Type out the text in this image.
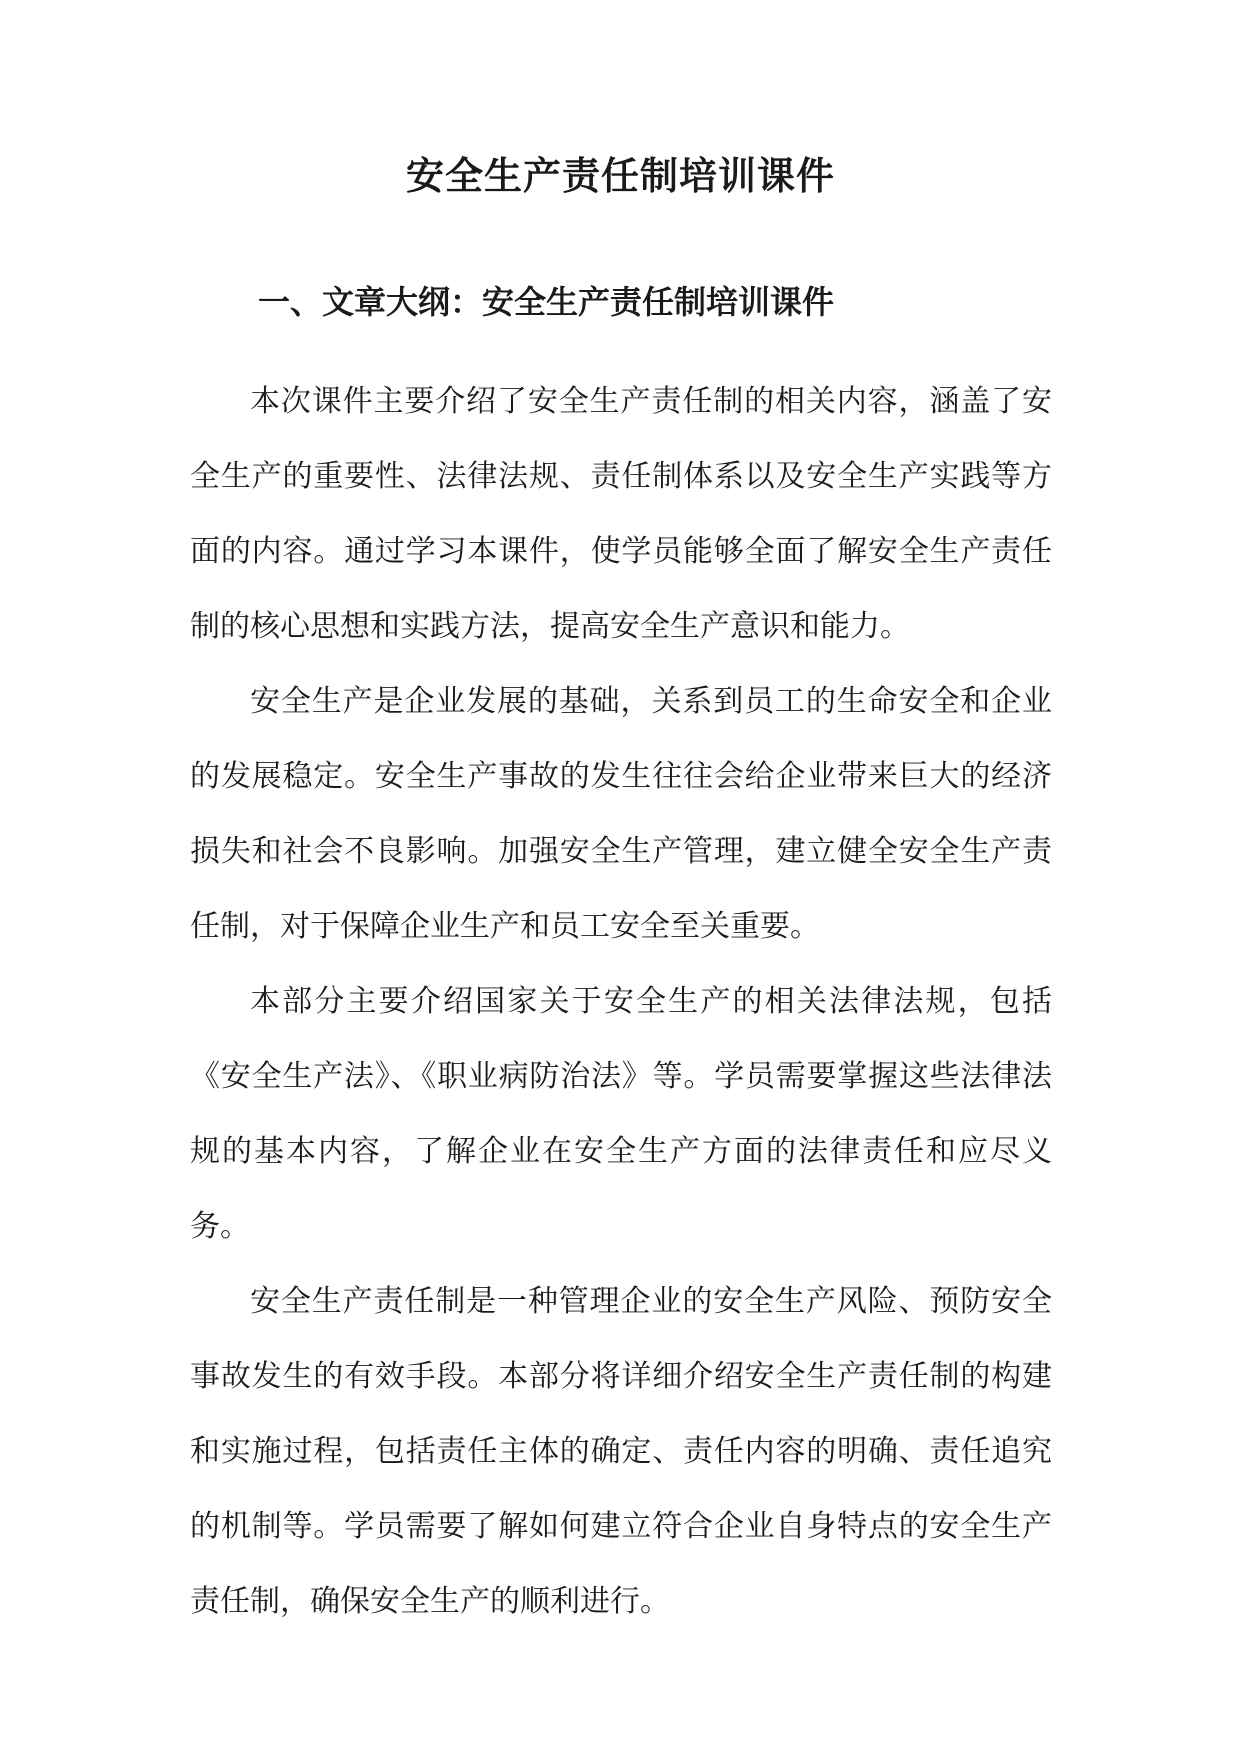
安全生产责任制培训课件
一、文章大纲：安全生产责任制培训课件

本次课件主要介绍了安全生产责任制的相关内容，涵盖了安全生产的重要性、法律法规、责任制体系以及安全生产实践等方面的内容。通过学习本课件，使学员能够全面了解安全生产责任制的核心思想和实践方法，提高安全生产意识和能力。

安全生产是企业发展的基础，关系到员工的生命安全和企业的发展稳定。安全生产事故的发生往往会给企业带来巨大的经济损失和社会不良影响。加强安全生产管理，建立健全安全生产责任制，对于保障企业生产和员工安全至关重要。

本部分主要介绍国家关于安全生产的相关法律法规，包括《安全生产法》、《职业病防治法》等。学员需要掌握这些法律法规的基本内容，了解企业在安全生产方面的法律责任和应尽义务。

安全生产责任制是一种管理企业的安全生产风险、预防安全事故发生的有效手段。本部分将详细介绍安全生产责任制的构建和实施过程，包括责任主体的确定、责任内容的明确、责任追究的机制等。学员需要了解如何建立符合企业自身特点的安全生产责任制，确保安全生产的顺利进行。
